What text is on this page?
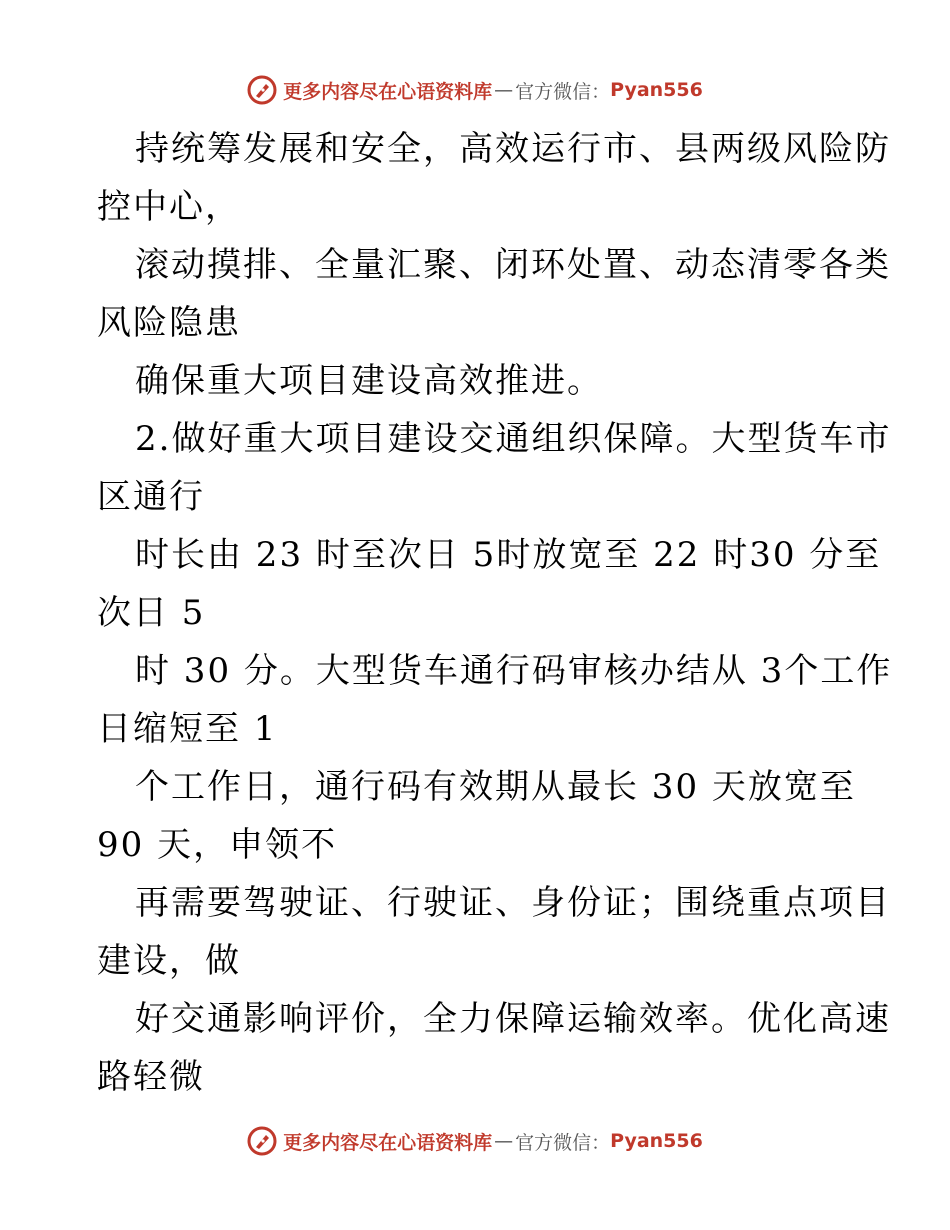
更多内容尽在心语资料库 — 官方微信： Pyan556
持统筹发展和安全，高效运行市、县两级风险防
控中心，
滚动摸排、全量汇聚、闭环处置、动态清零各类
风险隐患
确保重大项目建设高效推进。
2.做好重大项目建设交通组织保障。大型货车市
区通行
时长由 23 时至次日 5时放宽至 22 时30 分至
次日 5
时 30 分。大型货车通行码审核办结从 3个工作
日缩短至 1
个工作日，通行码有效期从最长 30 天放宽至
90 天，申领不
再需要驾驶证、行驶证、身份证；围绕重点项目
建设，做
好交通影响评价，全力保障运输效率。优化高速
路轻微
更多内容尽在心语资料库 — 官方微信： Pyan556
